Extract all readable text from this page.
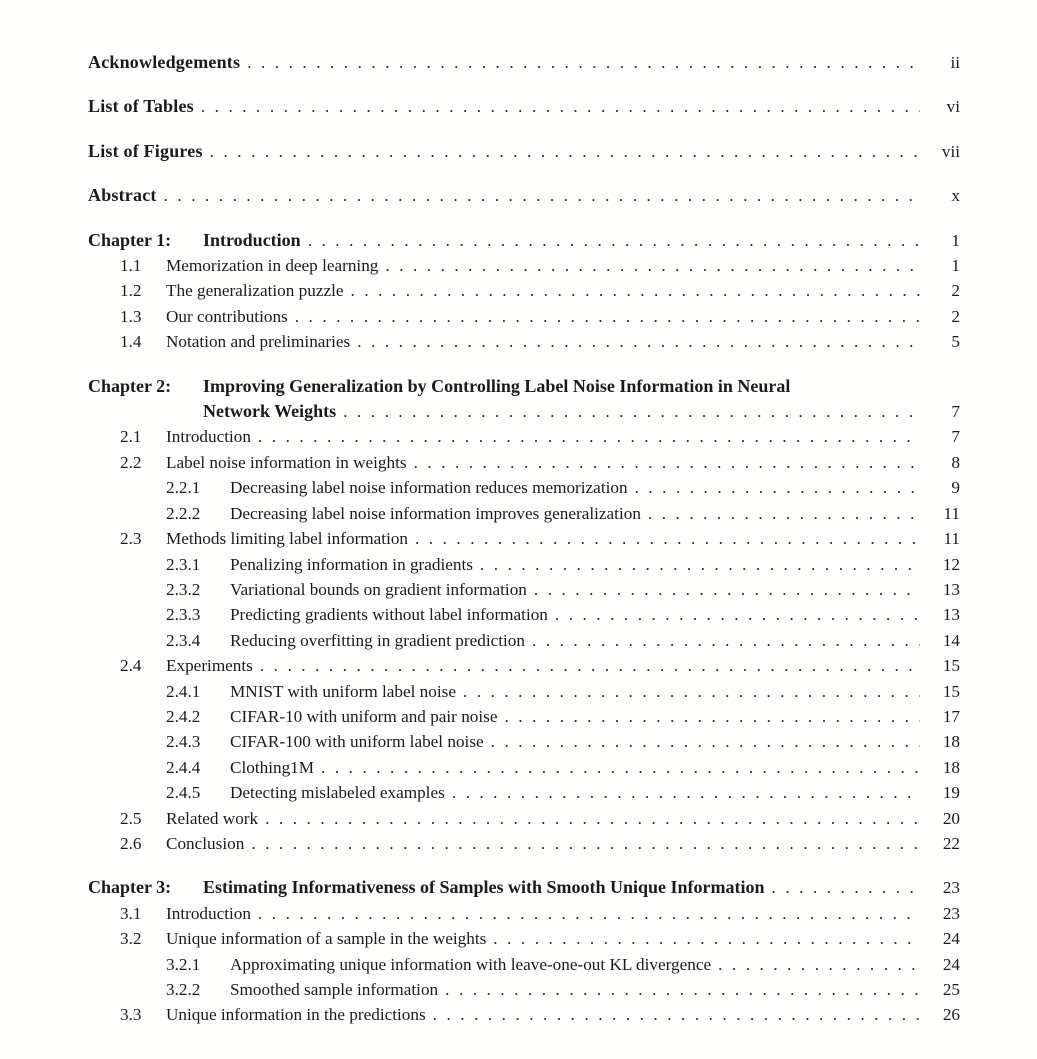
Acknowledgements .....	ii
List of Tables .....	vi
List of Figures .....	vii
Abstract .....	x
Chapter 1:	Introduction .....	1
1.1	Memorization in deep learning .....	1
1.2	The generalization puzzle .....	2
1.3	Our contributions .....	2
1.4	Notation and preliminaries .....	5
Chapter 2:	Improving Generalization by Controlling Label Noise Information in Neural
Network Weights .....	7
2.1	Introduction .....	7
2.2	Label noise information in weights .....	8
2.2.1	Decreasing label noise information reduces memorization .....	9
2.2.2	Decreasing label noise information improves generalization .....	11
2.3	Methods limiting label information .....	11
2.3.1	Penalizing information in gradients .....	12
2.3.2	Variational bounds on gradient information .....	13
2.3.3	Predicting gradients without label information .....	13
2.3.4	Reducing overfitting in gradient prediction .....	14
2.4	Experiments .....	15
2.4.1	MNIST with uniform label noise .....	15
2.4.2	CIFAR-10 with uniform and pair noise .....	17
2.4.3	CIFAR-100 with uniform label noise .....	18
2.4.4	Clothing1M .....	18
2.4.5	Detecting mislabeled examples .....	19
2.5	Related work .....	20
2.6	Conclusion .....	22
Chapter 3:	Estimating Informativeness of Samples with Smooth Unique Information .....	23
3.1	Introduction .....	23
3.2	Unique information of a sample in the weights .....	24
3.2.1	Approximating unique information with leave-one-out KL divergence .....	24
3.2.2	Smoothed sample information .....	25
3.3	Unique information in the predictions .....	26
